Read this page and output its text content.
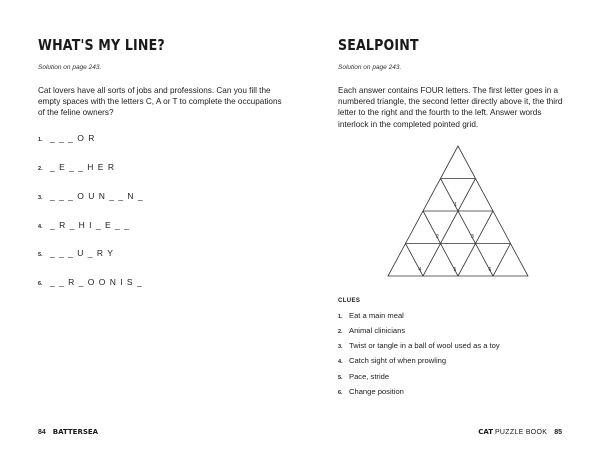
WHAT'S MY LINE?
Solution on page 243.

Cat lovers have all sorts of jobs and professions. Can you fill the empty spaces with the letters C, A or T to complete the occupations of the feline owners?

1. _ _ _ O R
2. _ E _ _ H E R
3. _ _ _ O U N _ _ N _
4. _ R _ H I _ E _ _
5. _ _ _ U _ R Y
6. _ _ R _ O O N I S _
84 BATTERSEA
SEALPOINT
Solution on page 243.

Each answer contains FOUR letters. The first letter goes in a numbered triangle, the second letter directly above it, the third letter to the right and the fourth to the left. Answer words interlock in the completed pointed grid.

1
2	3
4	5	6
CLUES
1. Eat a main meal
2. Animal clinicians
3. Twist or tangle in a ball of wool used as a toy
4. Catch sight of when prowling
5. Pace, stride
6. Change position
CAT PUZZLE BOOK 85
